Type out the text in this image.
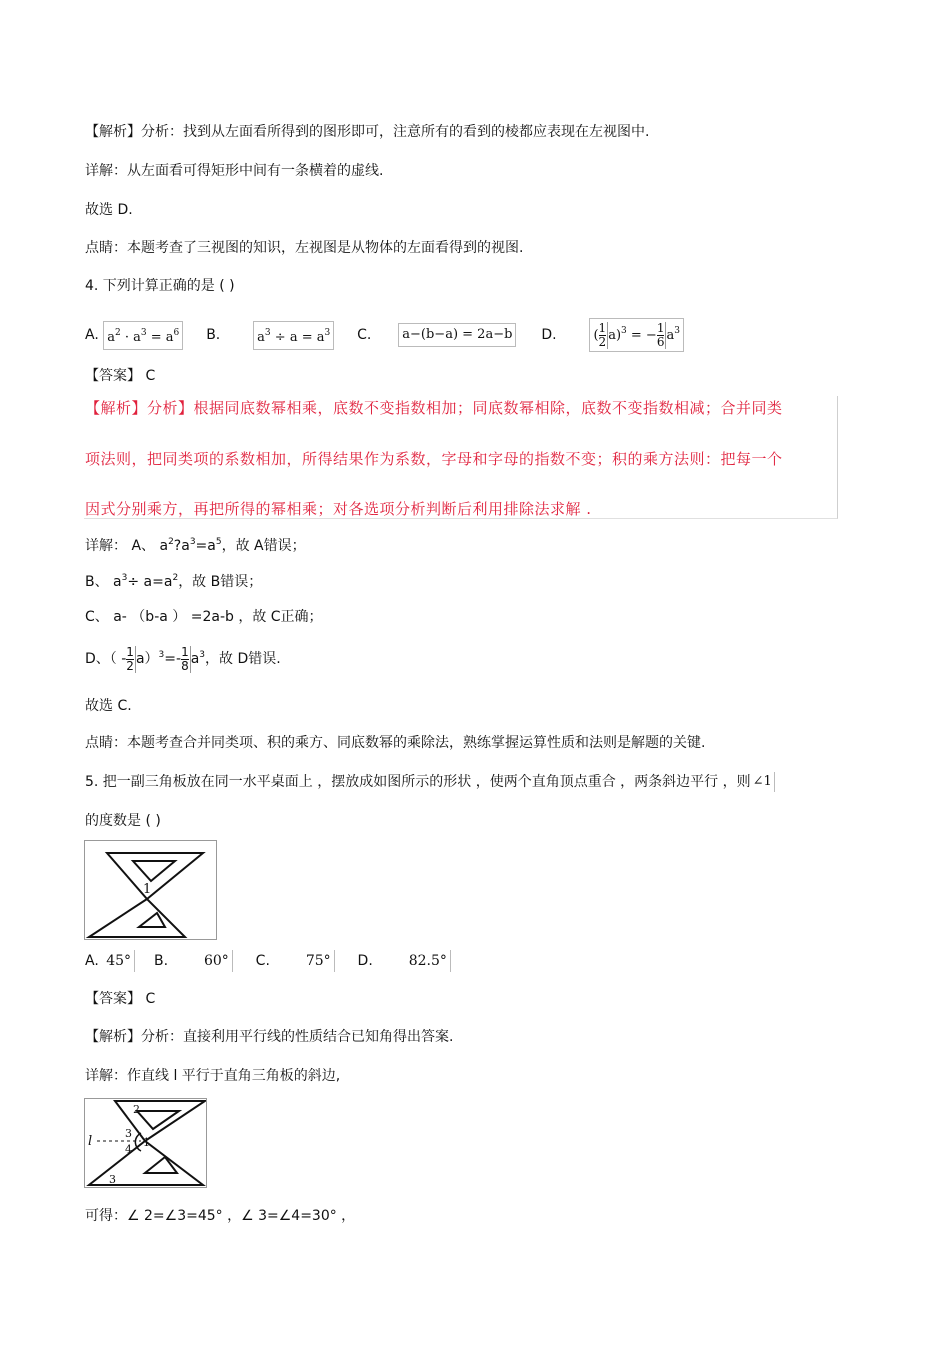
【解析】分析：找到从左面看所得到的图形即可，注意所有的看到的棱都应表现在左视图中.
详解：从左面看可得矩形中间有一条横着的虚线.
故选 D.
点睛：本题考查了三视图的知识，左视图是从物体的左面看得到的视图.
4. 下列计算正确的是 ( )
A. $a^2 \cdot a^3 = a^6$ B.	$a^3 \div a = a^3$ C. a−(b−a) = 2a−b D.	( $\frac{1}{2} a)^3$ = − $\frac{1}{6} a^3$
【答案】 C
【解析】分析】根据同底数幂相乘，底数不变指数相加；同底数幂相除，底数不变指数相减；合并同类
项法则，把同类项的系数相加，所得结果作为系数，字母和字母的指数不变；积的乘方法则：把每一个
因式分别乘方，再把所得的幂相乘；对各选项分析判断后利用排除法求解 .
详解： A、 $a^2?a^3=a^5$，故 A错误；
B、 $a^3\div a=a^2$，故 B错误；
C、 a- （b-a ） =2a-b ，故 C正确；
D、（ - $\frac{1}{2} a)^3=- \frac{1}{8} a^3$，故 D错误.
故选 C.
点睛：本题考查合并同类项、积的乘方、同底数幂的乘除法，熟练掌握运算性质和法则是解题的关键.
5. 把一副三角板放在同一水平桌面上 ，摆放成如图所示的形状 ，使两个直角顶点重合 ，两条斜边平行 ，则 ∠1
的度数是 ( )
1
A. 45° B.	60° C.	75° D.	82.5°
【答案】 C
【解析】分析：直接利用平行线的性质结合已知角得出答案.
详解：作直线 l 平行于直角三角板的斜边,
l
2
3
4
1
3
可得：∠ 2=∠3=45° ，∠ 3=∠4=30° ，
